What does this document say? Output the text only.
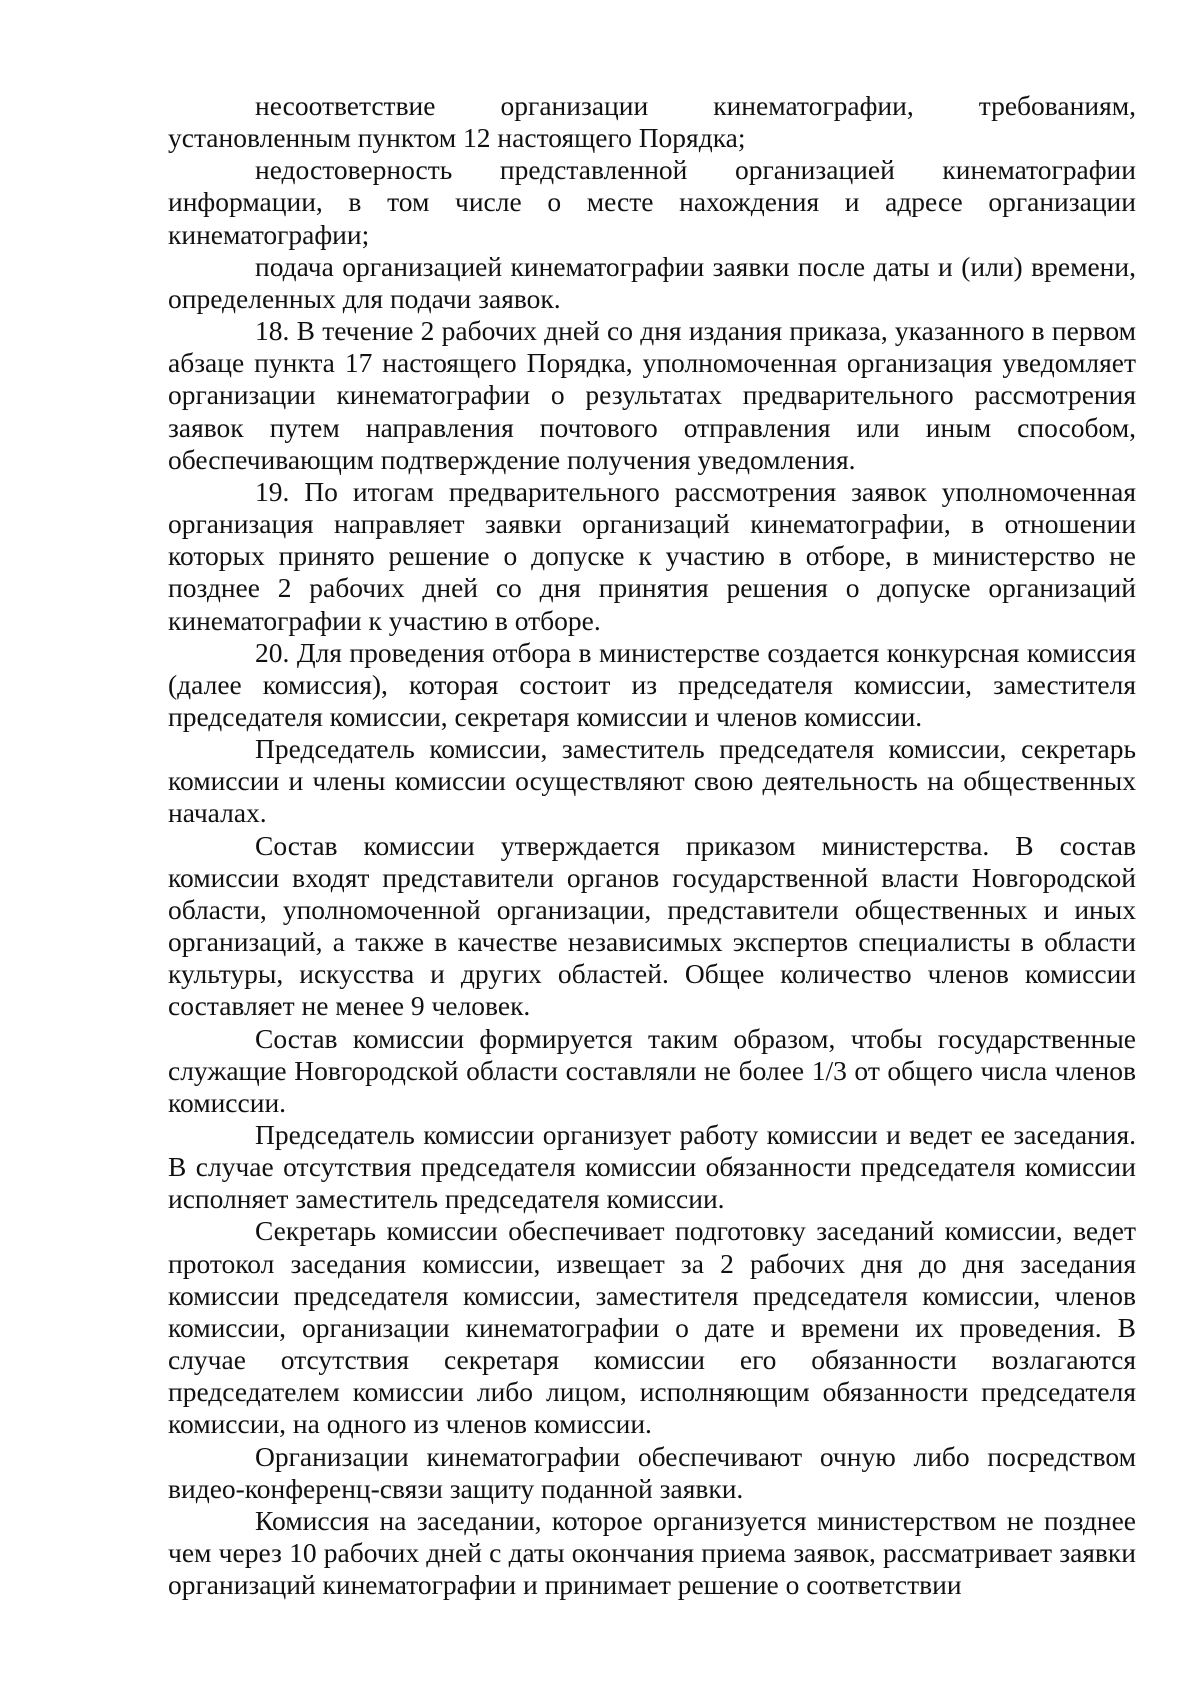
несоответствие организации кинематографии, требованиям, установленным пунктом 12 настоящего Порядка;

недостоверность представленной организацией кинематографии информации, в том числе о месте нахождения и адресе организации кинематографии;

подача организацией кинематографии заявки после даты и (или) времени, определенных для подачи заявок.

18. В течение 2 рабочих дней со дня издания приказа, указанного в первом абзаце пункта 17 настоящего Порядка, уполномоченная организация уведомляет организации кинематографии о результатах предварительного рассмотрения заявок путем направления почтового отправления или иным способом, обеспечивающим подтверждение получения уведомления.

19. По итогам предварительного рассмотрения заявок уполномоченная организация направляет заявки организаций кинематографии, в отношении которых принято решение о допуске к участию в отборе, в министерство не позднее 2 рабочих дней со дня принятия решения о допуске организаций кинематографии к участию в отборе.

20. Для проведения отбора в министерстве создается конкурсная комиссия (далее комиссия), которая состоит из председателя комиссии, заместителя председателя комиссии, секретаря комиссии и членов комиссии.

Председатель комиссии, заместитель председателя комиссии, секретарь комиссии и члены комиссии осуществляют свою деятельность на общественных началах.

Состав комиссии утверждается приказом министерства. В состав комиссии входят представители органов государственной власти Новгородской области, уполномоченной организации, представители общественных и иных организаций, а также в качестве независимых экспертов специалисты в области культуры, искусства и других областей. Общее количество членов комиссии составляет не менее 9 человек.

Состав комиссии формируется таким образом, чтобы государственные служащие Новгородской области составляли не более 1/3 от общего числа членов комиссии.

Председатель комиссии организует работу комиссии и ведет ее заседания. В случае отсутствия председателя комиссии обязанности председателя комиссии исполняет заместитель председателя комиссии.

Секретарь комиссии обеспечивает подготовку заседаний комиссии, ведет протокол заседания комиссии, извещает за 2 рабочих дня до дня заседания комиссии председателя комиссии, заместителя председателя комиссии, членов комиссии, организации кинематографии о дате и времени их проведения. В случае отсутствия секретаря комиссии его обязанности возлагаются председателем комиссии либо лицом, исполняющим обязанности председателя комиссии, на одного из членов комиссии.

Организации кинематографии обеспечивают очную либо посредством видео-конференц-связи защиту поданной заявки.

Комиссия на заседании, которое организуется министерством не позднее чем через 10 рабочих дней с даты окончания приема заявок, рассматривает заявки организаций кинематографии и принимает решение о соответствии
